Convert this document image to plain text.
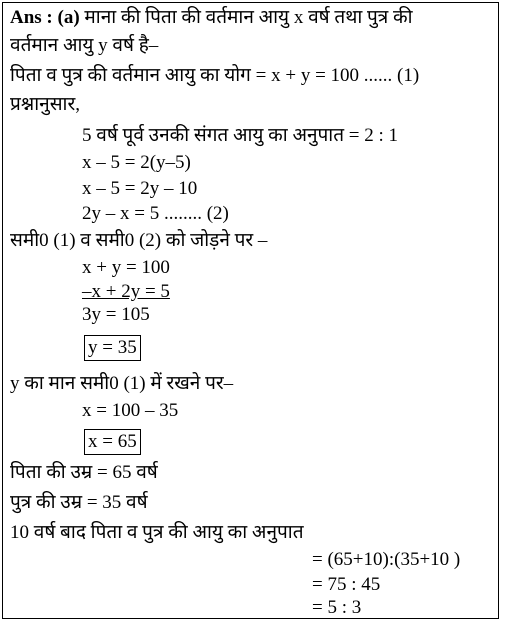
Ans : (a) माना की पिता की वर्तमान आयु x वर्ष तथा पुत्र की
वर्तमान आयु y वर्ष है–
पिता व पुत्र की वर्तमान आयु का योग = x + y = 100 ...... (1)
प्रश्नानुसार,
5 वर्ष पूर्व उनकी संगत आयु का अनुपात = 2 : 1
x – 5 = 2(y–5)
x – 5 = 2y – 10
2y – x = 5 ........ (2)
समी0 (1) व समी0 (2) को जोड़ने पर –
x + y = 100
–x + 2y = 5
3y = 105
y = 35
y का मान समी0 (1) में रखने पर–
x = 100 – 35
x = 65
पिता की उम्र = 65 वर्ष
पुत्र की उम्र = 35 वर्ष
10 वर्ष बाद पिता व पुत्र की आयु का अनुपात
= (65+10):(35+10 )
= 75 : 45
= 5 : 3
